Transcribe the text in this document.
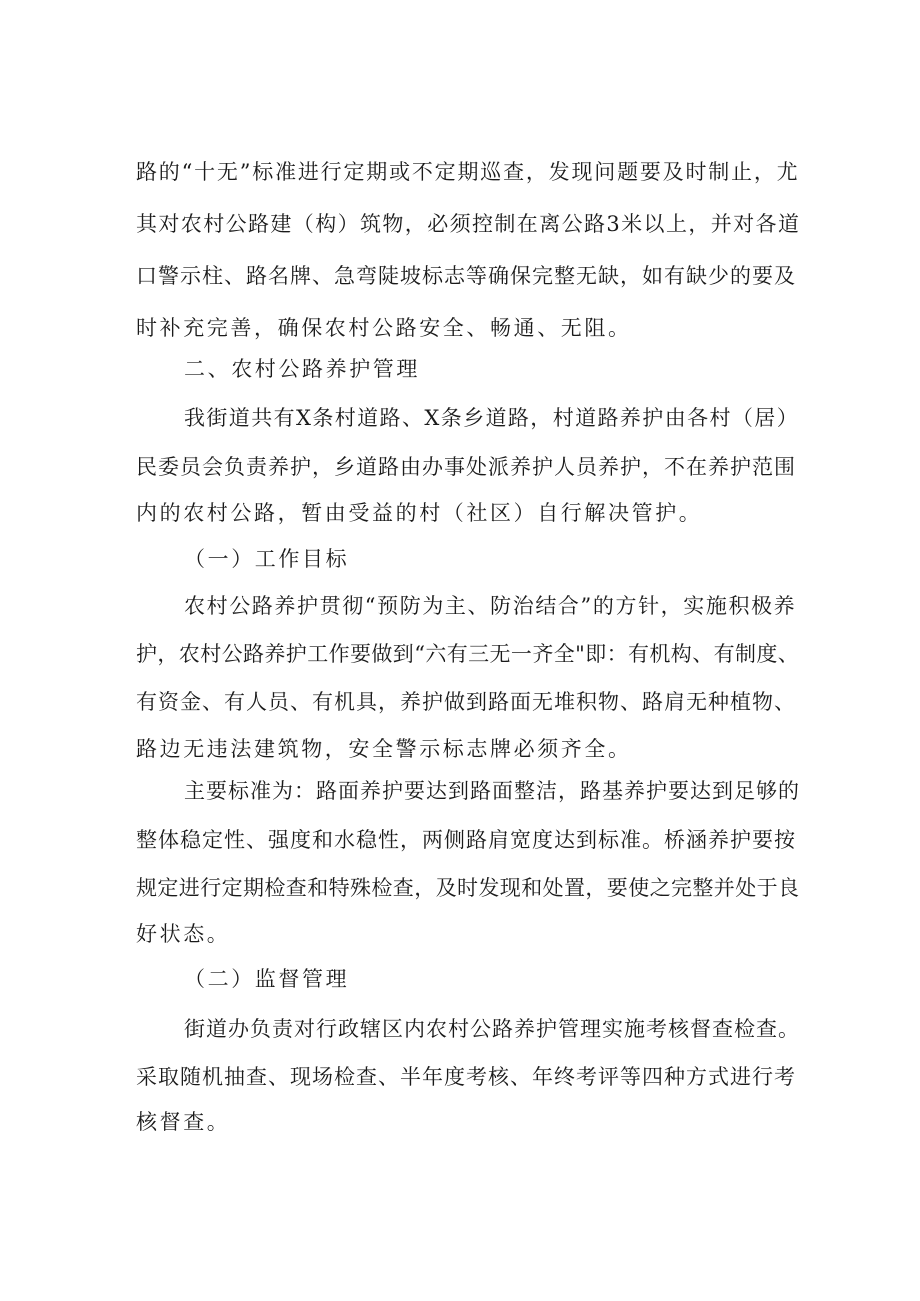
路的“十无”标准进行定期或不定期巡查，发现问题要及时制止，尤
其对农村公路建（构）筑物，必须控制在离公路3米以上，并对各道
口警示柱、路名牌、急弯陡坡标志等确保完整无缺，如有缺少的要及
时补充完善，确保农村公路安全、畅通、无阻。
二、农村公路养护管理
我街道共有X条村道路、X条乡道路，村道路养护由各村（居）
民委员会负责养护，乡道路由办事处派养护人员养护，不在养护范围
内的农村公路，暂由受益的村（社区）自行解决管护。
（一）工作目标
农村公路养护贯彻“预防为主、防治结合”的方针，实施积极养
护，农村公路养护工作要做到“六有三无一齐全"即：有机构、有制度、
有资金、有人员、有机具，养护做到路面无堆积物、路肩无种植物、
路边无违法建筑物，安全警示标志牌必须齐全。
主要标准为：路面养护要达到路面整洁，路基养护要达到足够的
整体稳定性、强度和水稳性，两侧路肩宽度达到标准。桥涵养护要按
规定进行定期检查和特殊检查，及时发现和处置，要使之完整并处于良
好状态。
（二）监督管理
街道办负责对行政辖区内农村公路养护管理实施考核督查检查。
采取随机抽查、现场检查、半年度考核、年终考评等四种方式进行考
核督查。
